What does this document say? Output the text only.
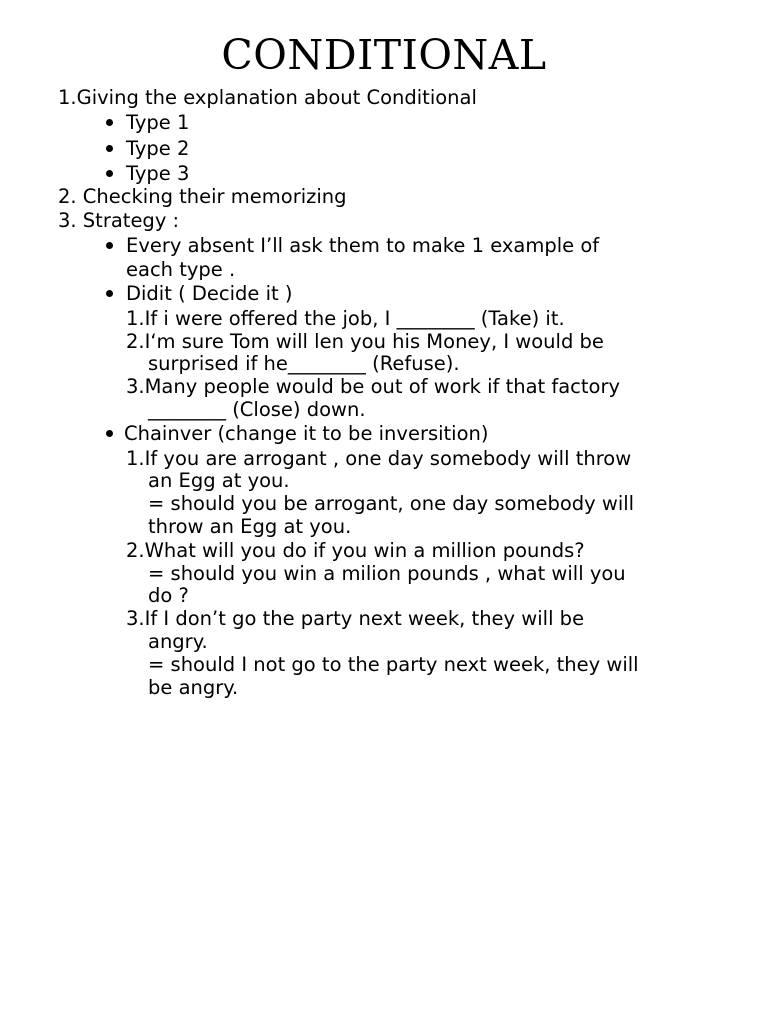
CONDITIONAL
1.Giving the explanation about Conditional
Type 1
Type 2
Type 3
2. Checking their memorizing
3. Strategy :
Every absent I’ll ask them to make 1 example of
each type .
Didit ( Decide it )
1.If i were offered the job, I ________ (Take) it.
2.I‘m sure Tom will len you his Money, I would be
surprised if he________ (Refuse).
3.Many people would be out of work if that factory
________ (Close) down.
Chainver (change it to be inversition)
1.If you are arrogant , one day somebody will throw
an Egg at you.
= should you be arrogant, one day somebody will
throw an Egg at you.
2.What will you do if you win a million pounds?
= should you win a milion pounds , what will you
do ?
3.If I don’t go the party next week, they will be
angry.
= should I not go to the party next week, they will
be angry.
